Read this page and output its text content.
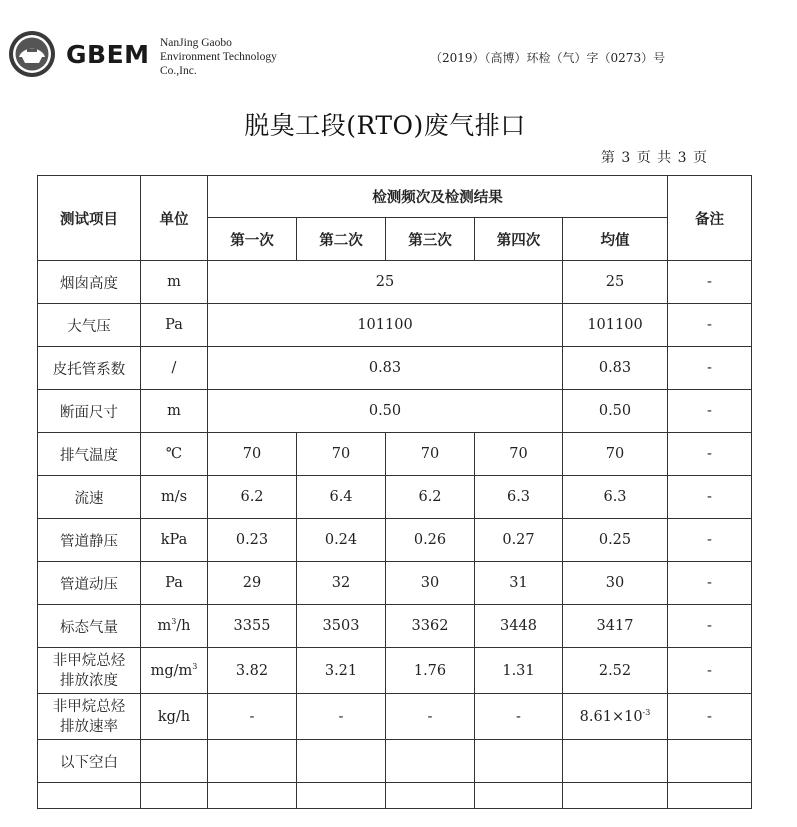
GBEM NanJing Gaobo
Environment Technology
Co.,Inc.
（2019）（高博）环检（气）字（0273）号
脱臭工段(RTO)废气排口
第 3 页 共 3 页
测试项目	单位	检测频次及检测结果					备注
		第一次	第二次	第三次	第四次	均值	
烟囱高度	m	25				25	-
大气压	Pa	101100				101100	-
皮托管系数	/	0.83				0.83	-
断面尺寸	m	0.50				0.50	-
排气温度	℃	70	70	70	70	70	-
流速	m/s	6.2	6.4	6.2	6.3	6.3	-
管道静压	kPa	0.23	0.24	0.26	0.27	0.25	-
管道动压	Pa	29	32	30	31	30	-
标态气量	$m^3/h$	3355	3503	3362	3448	3417	-
非甲烷总烃
排放浓度	$mg/m^3$	3.82	3.21	1.76	1.31	2.52	-
非甲烷总烃
排放速率	kg/h	-	-	-	-	$8.61\times 10^{-3}$	-
以下空白							
